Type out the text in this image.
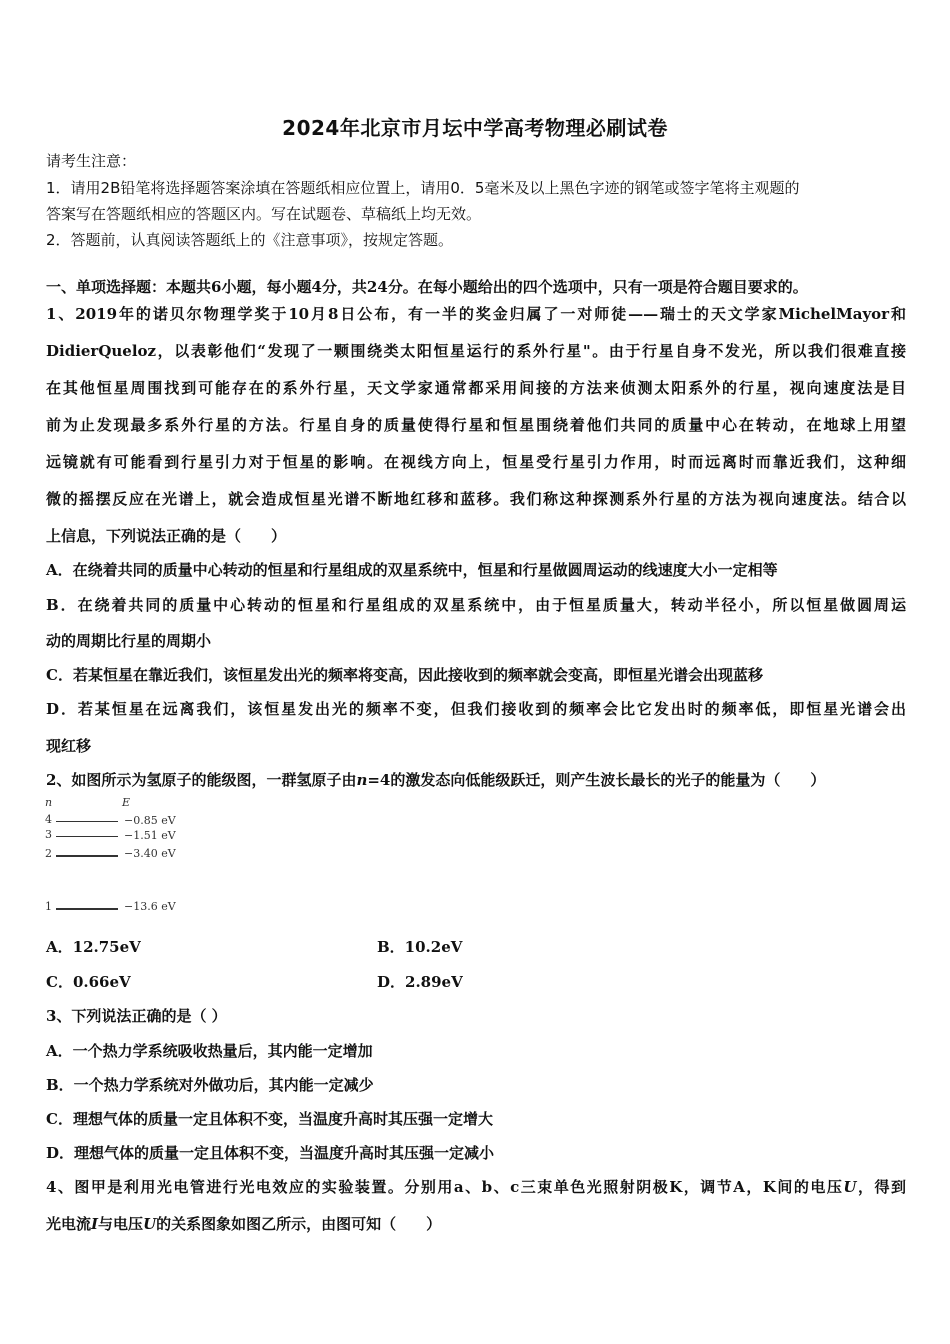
2024年北京市月坛中学高考物理必刷试卷
请考生注意：
1．请用2B铅笔将选择题答案涂填在答题纸相应位置上，请用0．5毫米及以上黑色字迹的钢笔或签字笔将主观题的
答案写在答题纸相应的答题区内。写在试题卷、草稿纸上均无效。
2．答题前，认真阅读答题纸上的《注意事项》，按规定答题。
一、单项选择题：本题共6小题，每小题4分，共24分。在每小题给出的四个选项中，只有一项是符合题目要求的。
1、2019年的诺贝尔物理学奖于10月8日公布，有一半的奖金归属了一对师徒——瑞士的天文学家MichelMayor和
DidierQueloz，以表彰他们“发现了一颗围绕类太阳恒星运行的系外行星"。由于行星自身不发光，所以我们很难直接
在其他恒星周围找到可能存在的系外行星，天文学家通常都采用间接的方法来侦测太阳系外的行星，视向速度法是目
前为止发现最多系外行星的方法。行星自身的质量使得行星和恒星围绕着他们共同的质量中心在转动，在地球上用望
远镜就有可能看到行星引力对于恒星的影响。在视线方向上，恒星受行星引力作用，时而远离时而靠近我们，这种细
微的摇摆反应在光谱上，就会造成恒星光谱不断地红移和蓝移。我们称这种探测系外行星的方法为视向速度法。结合以
上信息，下列说法正确的是（　　）
A．在绕着共同的质量中心转动的恒星和行星组成的双星系统中，恒星和行星做圆周运动的线速度大小一定相等
B．在绕着共同的质量中心转动的恒星和行星组成的双星系统中，由于恒星质量大，转动半径小，所以恒星做圆周运
动的周期比行星的周期小
C．若某恒星在靠近我们，该恒星发出光的频率将变高，因此接收到的频率就会变高，即恒星光谱会出现蓝移
D．若某恒星在远离我们，该恒星发出光的频率不变，但我们接收到的频率会比它发出时的频率低，即恒星光谱会出
现红移
2、如图所示为氢原子的能级图，一群氢原子由n=4的激发态向低能级跃迁，则产生波长最长的光子的能量为（　　）
n	E
4	−0.85 eV
3	−1.51 eV
2	−3.40 eV
1	−13.6 eV
A．12.75eV	B．10.2eV
C．0.66eV	D．2.89eV
3、下列说法正确的是（ ）
A．一个热力学系统吸收热量后，其内能一定增加
B．一个热力学系统对外做功后，其内能一定减少
C．理想气体的质量一定且体积不变，当温度升高时其压强一定增大
D．理想气体的质量一定且体积不变，当温度升高时其压强一定减小
4、图甲是利用光电管进行光电效应的实验装置。分别用a、b、c三束单色光照射阴极K，调节A，K间的电压U，得到
光电流I与电压U的关系图象如图乙所示，由图可知（　　）
